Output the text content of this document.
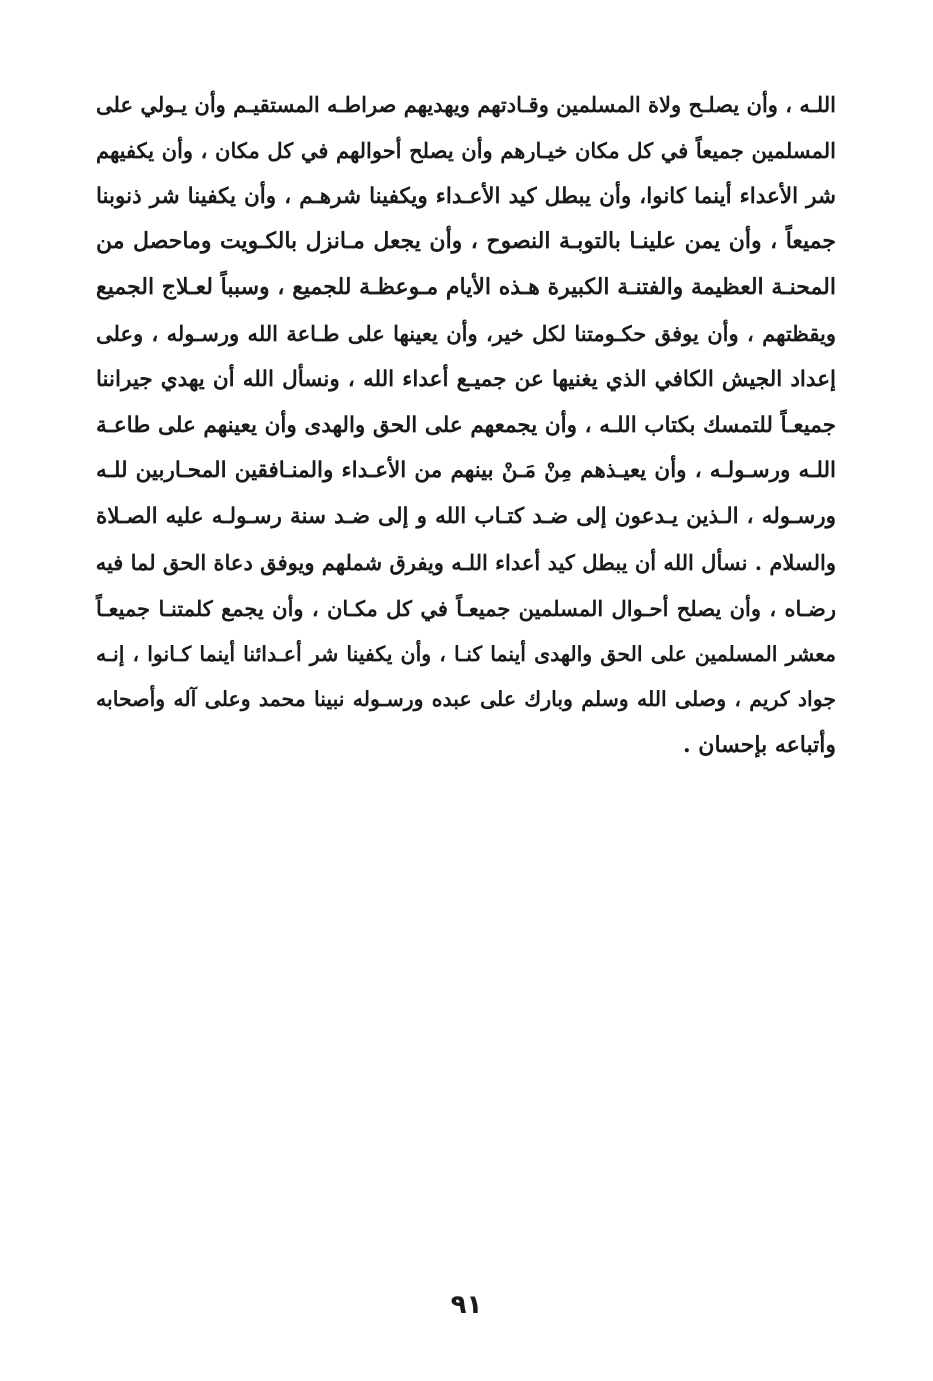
اللـه ، وأن يصلـح ولاة المسلمين وقـادتهم ويهديهم صراطـه المستقيـم وأن يـولي على
المسلمين جميعاً في كل مكان خيـارهم وأن يصلح أحوالهم في كل مكان ، وأن يكفيهم
شر الأعداء أينما كانوا، وأن يبطل كيد الأعـداء ويكفينا شرهـم ، وأن يكفينا شر ذنوبنا
جميعاً ، وأن يمن علينـا بالتوبـة النصوح ، وأن يجعل مـانزل بالكـويت وماحصل من
المحنـة العظيمة والفتنـة الكبيرة هـذه الأيام مـوعظـة للجميع ، وسبباً لعـلاج الجميع
ويقظتهم ، وأن يوفق حكـومتنا لكل خير، وأن يعينها على طـاعة الله ورسـوله ، وعلى
إعداد الجيش الكافي الذي يغنيها عن جميـع أعداء الله ، ونسأل الله أن يهدي جيراننا
جميعـاً للتمسك بكتاب اللـه ، وأن يجمعهم على الحق والهدى وأن يعينهم على طاعـة
اللـه ورسـولـه ، وأن يعيـذهم مِنْ مَـنْ بينهم من الأعـداء والمنـافقين المحـاربين للـه
ورسـوله ، الـذين يـدعون إلى ضـد كتـاب الله و إلى ضـد سنة رسـولـه عليه الصـلاة
والسلام . نسأل الله أن يبطل كيد أعداء اللـه ويفرق شملهم ويوفق دعاة الحق لما فيه
رضـاه ، وأن يصلح أحـوال المسلمين جميعـاً في كل مكـان ، وأن يجمع كلمتنـا جميعـاً
معشر المسلمين على الحق والهدى أينما كنـا ، وأن يكفينا شر أعـدائنا أينما كـانوا ، إنـه
جواد كريم ، وصلى الله وسلم وبارك على عبده ورسـوله نبينا محمد وعلى آله وأصحابه
وأتباعه بإحسان .
٩١
